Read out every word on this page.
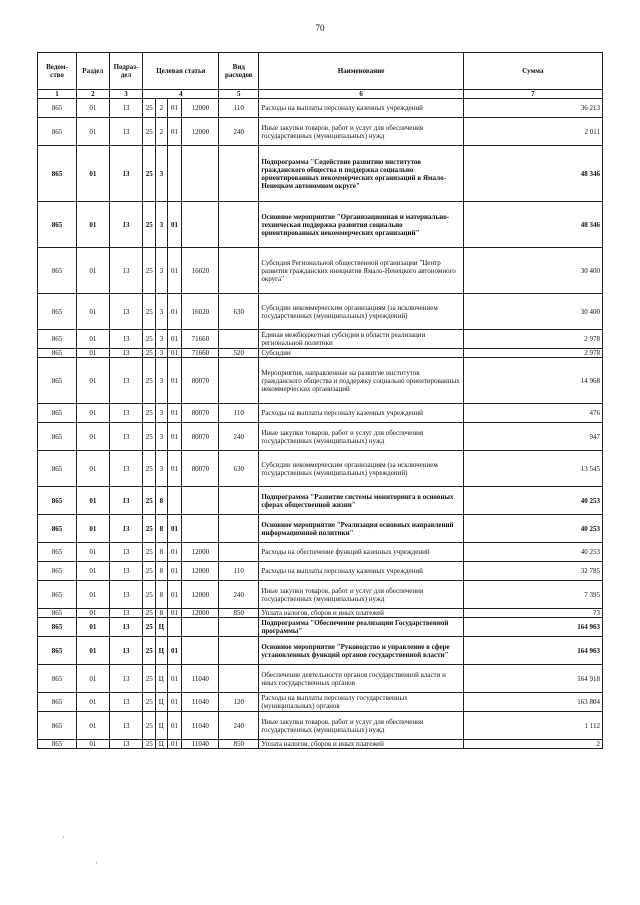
70
Ведом-ство	Раздел	Подраз-дел	Целевая статья				Вид расходов	Наименование	Сумма
1	2	3	4				5	6	7
865	01	13	25	2	01	12000	110	Расходы на выплаты персоналу казенных учреждений	36 213
865	01	13	25	2	01	12000	240	Иные закупки товаров, работ и услуг для обеспечения государственных (муниципальных) нужд	2 011
865	01	13	25	3				Подпрограмма "Содействие развитию институтов гражданского общества и поддержка социально ориентированных некоммерческих организаций в Ямало-Ненецком автономном округе"	48 346
865	01	13	25	3	01			Основное мероприятие "Организационная и материально-техническая поддержка развития социально ориентированных некоммерческих организаций"	48 346
865	01	13	25	3	01	16020		Субсидия Региональной общественной организации "Центр развития гражданских инициатив Ямало-Ненецкого автономного округа"	30 400
865	01	13	25	3	01	16020	630	Субсидии некоммерческим организациям (за исключением государственных (муниципальных) учреждений)	30 400
865	01	13	25	3	01	71660		Единая межбюджетная субсидия в области реализации региональной политики	2 978
865	01	13	25	3	01	71660	520	Субсидии	2 978
865	01	13	25	3	01	80070		Мероприятия, направленные на развитие институтов гражданского общества и поддержку социально ориентированных некоммерческих организаций	14 968
865	01	13	25	3	01	80070	110	Расходы на выплаты персоналу казенных учреждений	476
865	01	13	25	3	01	80070	240	Иные закупки товаров, работ и услуг для обеспечения государственных (муниципальных) нужд	947
865	01	13	25	3	01	80070	630	Субсидии некоммерческим организациям (за исключением государственных (муниципальных) учреждений)	13 545
865	01	13	25	8				Подпрограмма "Развитие системы мониторинга в основных сферах общественной жизни"	40 253
865	01	13	25	8	01			Основное мероприятие "Реализация основных направлений информационной политики"	40 253
865	01	13	25	8	01	12000		Расходы на обеспечение функций казенных учреждений	40 253
865	01	13	25	8	01	12000	110	Расходы на выплаты персоналу казенных учреждений	32 785
865	01	13	25	8	01	12000	240	Иные закупки товаров, работ и услуг для обеспечения государственных (муниципальных) нужд	7 395
865	01	13	25	8	01	12000	850	Уплата налогов, сборов и иных платежей	73
865	01	13	25	Ц				Подпрограмма "Обеспечение реализации Государственной программы"	164 963
865	01	13	25	Ц	01			Основное мероприятие "Руководство и управление в сфере установленных функций органов государственной власти"	164 963
865	01	13	25	Ц	01	11040		Обеспечение деятельности органов государственной власти и иных государственных органов	164 918
865	01	13	25	Ц	01	11040	120	Расходы на выплаты персоналу государственных (муниципальных) органов	163 804
865	01	13	25	Ц	01	11040	240	Иные закупки товаров, работ и услуг для обеспечения государственных (муниципальных) нужд	1 112
865	01	13	25	Ц	01	11040	850	Уплата налогов, сборов и иных платежей	2
·
·
